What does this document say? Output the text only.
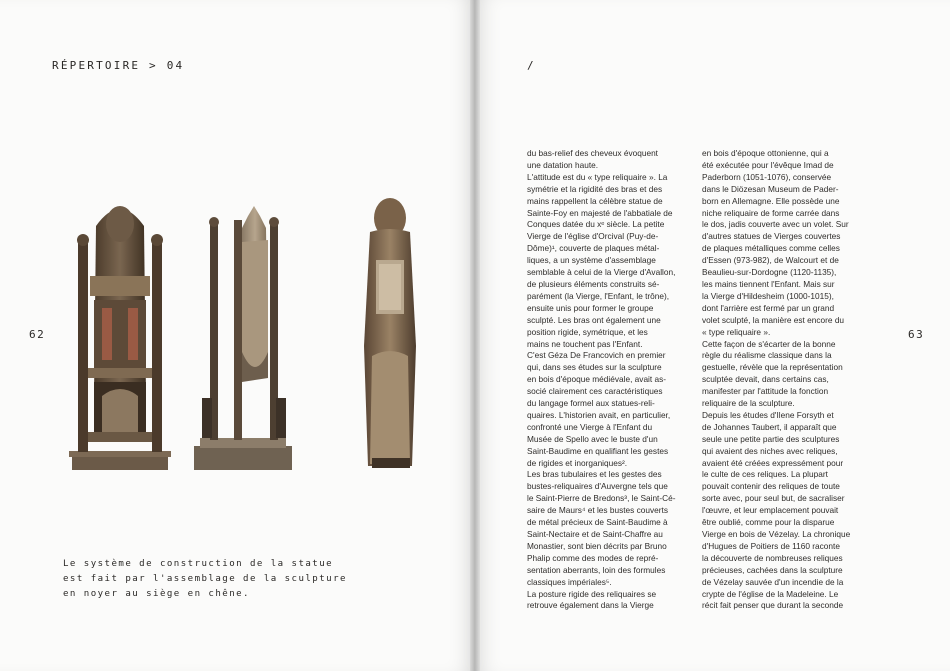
RÉPERTOIRE > 04
62
Le système de construction de la statue
est fait par l'assemblage de la sculpture
en noyer au siège en chêne.
/
63
du bas-relief des cheveux évoquent
une datation haute.
L'attitude est du « type reliquaire ». La
symétrie et la rigidité des bras et des
mains rappellent la célèbre statue de
Sainte-Foy en majesté de l'abbatiale de
Conques datée du xᵉ siècle. La petite
Vierge de l'église d'Orcival (Puy-de-
Dôme)¹, couverte de plaques métal-
liques, a un système d'assemblage
semblable à celui de la Vierge d'Avallon,
de plusieurs éléments construits sé-
parément (la Vierge, l'Enfant, le trône),
ensuite unis pour former le groupe
sculpté. Les bras ont également une
position rigide, symétrique, et les
mains ne touchent pas l'Enfant.
C'est Géza De Francovich en premier
qui, dans ses études sur la sculpture
en bois d'époque médiévale, avait as-
socié clairement ces caractéristiques
du langage formel aux statues-reli-
quaires. L'historien avait, en particulier,
confronté une Vierge à l'Enfant du
Musée de Spello avec le buste d'un
Saint-Baudime en qualifiant les gestes
de rigides et inorganiques².
Les bras tubulaires et les gestes des
bustes-reliquaires d'Auvergne tels que
le Saint-Pierre de Bredons³, le Saint-Cé-
saire de Maurs⁴ et les bustes couverts
de métal précieux de Saint-Baudime à
Saint-Nectaire et de Saint-Chaffre au
Monastier, sont bien décrits par Bruno
Phalip comme des modes de repré-
sentation aberrants, loin des formules
classiques impériales⁵.
La posture rigide des reliquaires se
retrouve également dans la Vierge
en bois d'époque ottonienne, qui a
été exécutée pour l'évêque Imad de
Paderborn (1051-1076), conservée
dans le Diözesan Museum de Pader-
born en Allemagne. Elle possède une
niche reliquaire de forme carrée dans
le dos, jadis couverte avec un volet. Sur
d'autres statues de Vierges couvertes
de plaques métalliques comme celles
d'Essen (973-982), de Walcourt et de
Beaulieu-sur-Dordogne (1120-1135),
les mains tiennent l'Enfant. Mais sur
la Vierge d'Hildesheim (1000-1015),
dont l'arrière est fermé par un grand
volet sculpté, la manière est encore du
« type reliquaire ».
Cette façon de s'écarter de la bonne
règle du réalisme classique dans la
gestuelle, révèle que la représentation
sculptée devait, dans certains cas,
manifester par l'attitude la fonction
reliquaire de la sculpture.
Depuis les études d'Ilene Forsyth et
de Johannes Taubert, il apparaît que
seule une petite partie des sculptures
qui avaient des niches avec reliques,
avaient été créées expressément pour
le culte de ces reliques. La plupart
pouvait contenir des reliques de toute
sorte avec, pour seul but, de sacraliser
l'œuvre, et leur emplacement pouvait
être oublié, comme pour la disparue
Vierge en bois de Vézelay. La chronique
d'Hugues de Poitiers de 1160 raconte
la découverte de nombreuses reliques
précieuses, cachées dans la sculpture
de Vézelay sauvée d'un incendie de la
crypte de l'église de la Madeleine. Le
récit fait penser que durant la seconde
